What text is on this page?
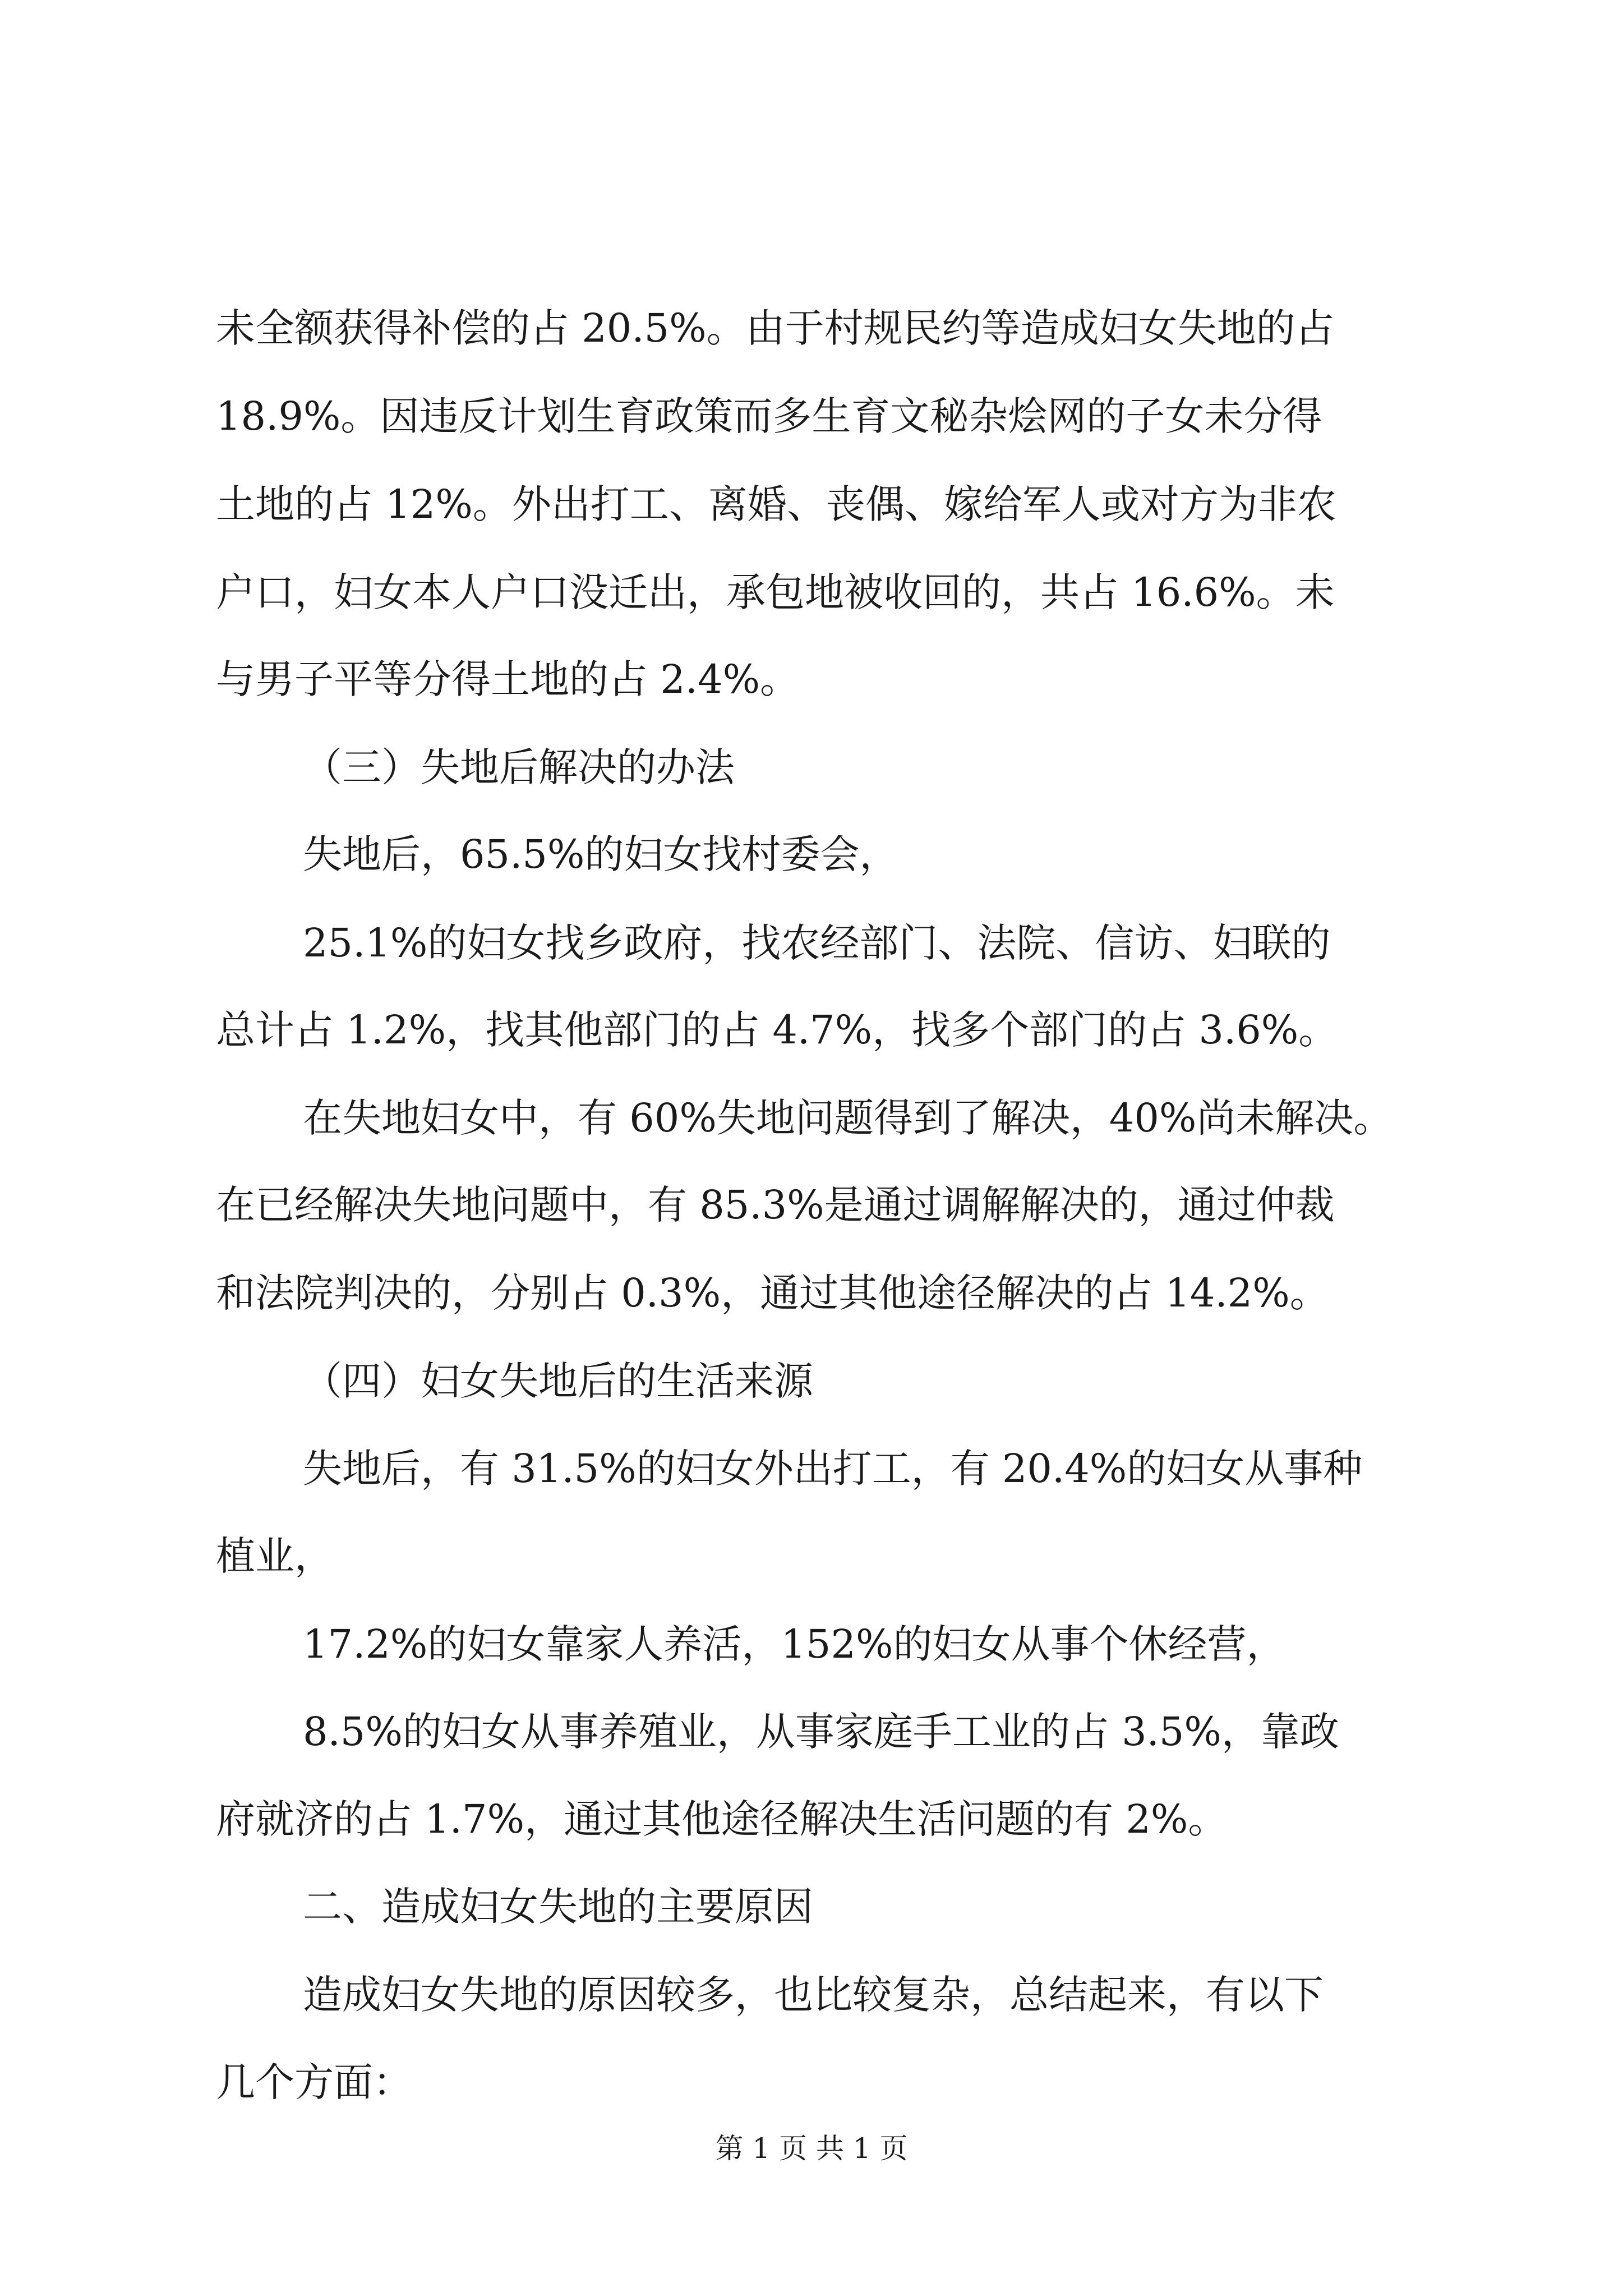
未全额获得补偿的占 20.5%。由于村规民约等造成妇女失地的占
18.9%。因违反计划生育政策而多生育文秘杂烩网的子女未分得
土地的占 12%。外出打工、离婚、丧偶、嫁给军人或对方为非农
户口，妇女本人户口没迁出，承包地被收回的，共占 16.6%。未
与男子平等分得土地的占 2.4%。
（三）失地后解决的办法
失地后，65.5%的妇女找村委会，
25.1%的妇女找乡政府，找农经部门、法院、信访、妇联的
总计占 1.2%，找其他部门的占 4.7%，找多个部门的占 3.6%。
在失地妇女中，有 60%失地问题得到了解决，40%尚未解决。
在已经解决失地问题中，有 85.3%是通过调解解决的，通过仲裁
和法院判决的，分别占 0.3%，通过其他途径解决的占 14.2%。
（四）妇女失地后的生活来源
失地后，有 31.5%的妇女外出打工，有 20.4%的妇女从事种
植业，
17.2%的妇女靠家人养活，152%的妇女从事个休经营，
8.5%的妇女从事养殖业，从事家庭手工业的占 3.5%，靠政
府就济的占 1.7%，通过其他途径解决生活问题的有 2%。
二、造成妇女失地的主要原因
造成妇女失地的原因较多，也比较复杂，总结起来，有以下
几个方面：
第 1 页 共 1 页
